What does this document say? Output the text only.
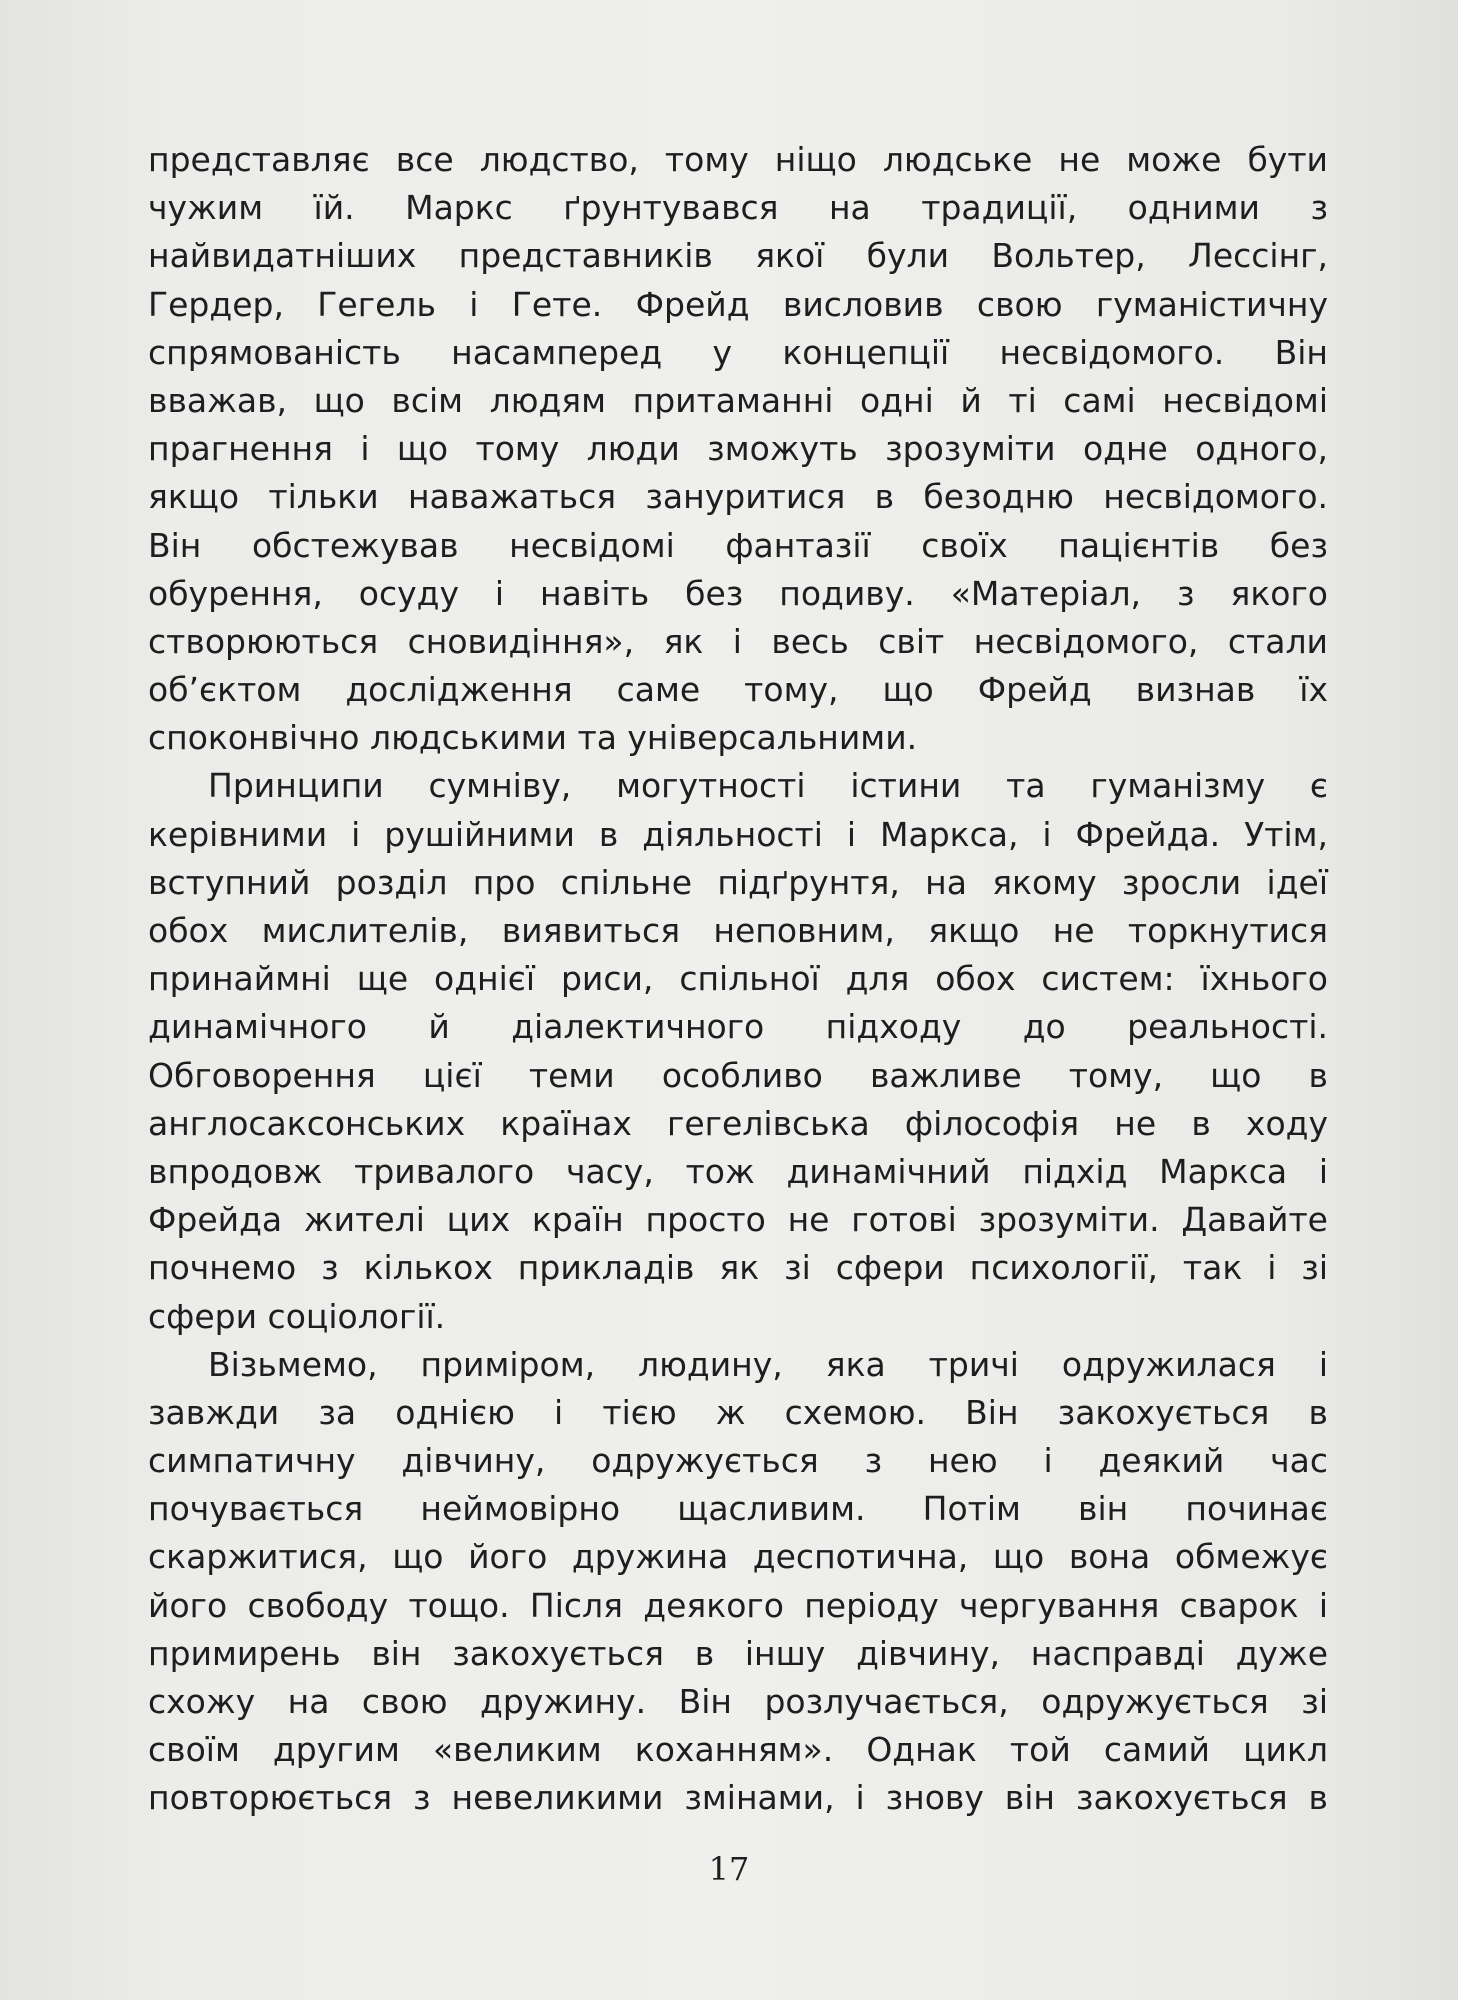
представляє все людство, тому ніщо людське не може бути
чужим їй. Маркс ґрунтувався на традиції, одними з
найвидатніших представників якої були Вольтер, Лессінг,
Гердер, Гегель і Гете. Фрейд висловив свою гуманістичну
спрямованість насамперед у концепції несвідомого. Він
вважав, що всім людям притаманні одні й ті самі несвідомі
прагнення і що тому люди зможуть зрозуміти одне одного,
якщо тільки наважаться зануритися в безодню несвідомого.
Він обстежував несвідомі фантазії своїх пацієнтів без
обурення, осуду і навіть без подиву. «Матеріал, з якого
створюються сновидіння», як і весь світ несвідомого, стали
об’єктом дослідження саме тому, що Фрейд визнав їх
споконвічно людськими та універсальними.
Принципи сумніву, могутності істини та гуманізму є
керівними і рушійними в діяльності і Маркса, і Фрейда. Утім,
вступний розділ про спільне підґрунтя, на якому зросли ідеї
обох мислителів, виявиться неповним, якщо не торкнутися
принаймні ще однієї риси, спільної для обох систем: їхнього
динамічного й діалектичного підходу до реальності.
Обговорення цієї теми особливо важливе тому, що в
англосаксонських країнах гегелівська філософія не в ходу
впродовж тривалого часу, тож динамічний підхід Маркса і
Фрейда жителі цих країн просто не готові зрозуміти. Давайте
почнемо з кількох прикладів як зі сфери психології, так і зі
сфери соціології.
Візьмемо, приміром, людину, яка тричі одружилася і
завжди за однією і тією ж схемою. Він закохується в
симпатичну дівчину, одружується з нею і деякий час
почувається неймовірно щасливим. Потім він починає
скаржитися, що його дружина деспотична, що вона обмежує
його свободу тощо. Після деякого періоду чергування сварок і
примирень він закохується в іншу дівчину, насправді дуже
схожу на свою дружину. Він розлучається, одружується зі
своїм другим «великим коханням». Однак той самий цикл
повторюється з невеликими змінами, і знову він закохується в
17
